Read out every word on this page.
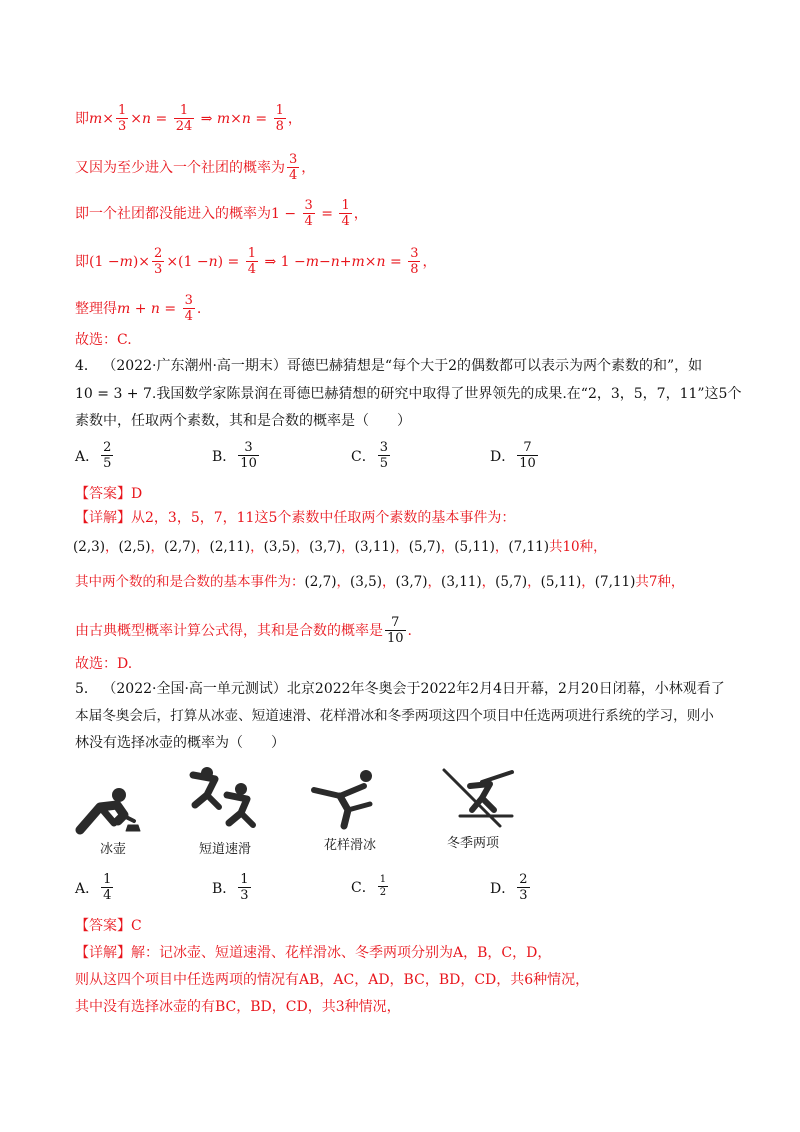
即 $m \times \frac{1}{3} \times n = \frac{1}{24}$ ⇒ $m \times n = \frac{1}{8}$ ，
又因为至少进入一个社团的概率为 $\frac{3}{4}$ ，
即一个社团都没能进入的概率为 $1 - \frac{3}{4} = \frac{1}{4}$ ，
即 (1 − m )× $\frac{2}{3} \times(1 - n$ ) = $\frac{1}{4}$ ⇒ $1 - m - n + m \times n = \frac{3}{8}$ ，
整理得 $m + n = \frac{3}{4}$ .
故选：C.
4．
（2022·广东潮州·高一期末） 哥德巴赫猜想是“每个大于2的偶数都可以表示为两个素数的和”，如
10 = 3 + 7 .我国数学家陈景润在哥德巴赫猜想的研究中取得了世界领先的成果.在“2，3，5，7，11”这5个
素数中，任取两个素数，其和是合数的概率是（　　）
A． $\frac{2}{5}$	B． $\frac{3}{10}$	C． $\frac{3}{5}$	D． $\frac{7}{10}$
【答案】 D
【详解】 从2，3，5，7，11这5个素数中任取两个素数的基本事件为：
(2,3) ， (2,5) ， (2,7) ， (2,11) ， (3,5) ， (3,7) ， (3,11) ， (5,7) ， (5,11) ， (7,11) 共10种，
其中两个数的和是合数的基本事件为： (2,7) ， (3,5) ， (3,7) ， (3,11) ， (5,7) ， (5,11) ， (7,11) 共7种，
由古典概型概率计算公式得，其和是合数的概率是 $\frac{7}{10}$ .
故选：D.
5．
（2022·全国·高一单元测试） 北京2022年冬奥会于2022年2月4日开幕，2月20日闭幕，小林观看了
本届冬奥会后，打算从冰壶、短道速滑、花样滑冰和冬季两项这四个项目中任选两项进行系统的学习，则小
林没有选择冰壶的概率为（　　）
冰壶	短道速滑	花样滑冰	冬季两项
A． $\frac{1}{4}$	B． $\frac{1}{3}$	C． $\frac{1}{2}$	D． $\frac{2}{3}$
【答案】 C
【详解】 解：记冰壶、短道速滑、花样滑冰、冬季两项分别为A，B，C，D，
则从这四个项目中任选两项的情况有AB，AC，AD，BC，BD，CD，共6种情况，
其中没有选择冰壶的有BC，BD，CD，共3种情况，
